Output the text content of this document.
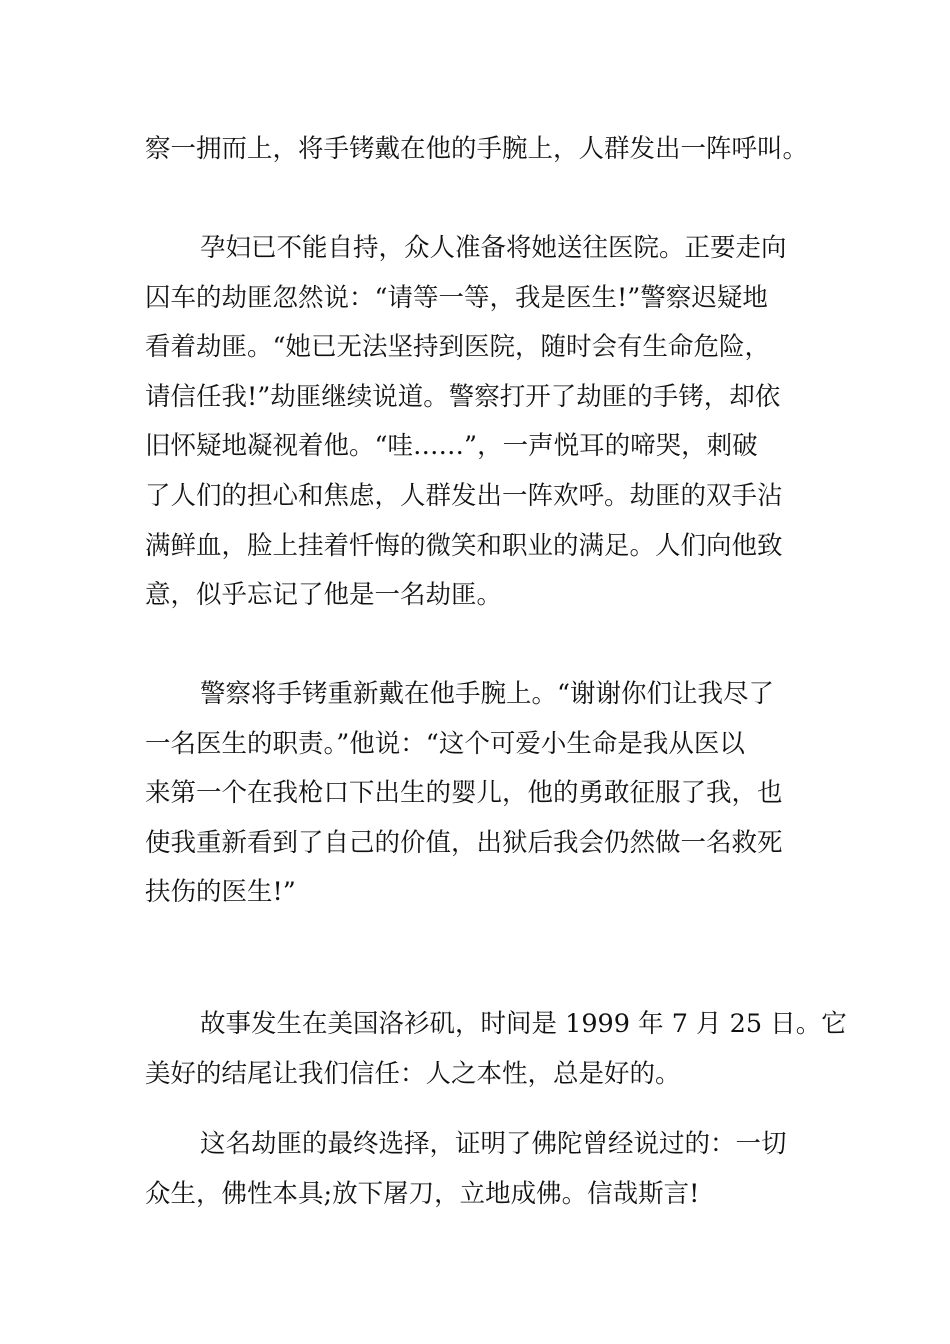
察一拥而上，将手铐戴在他的手腕上，人群发出一阵呼叫。
孕妇已不能自持，众人准备将她送往医院。正要走向
囚车的劫匪忽然说：“请等一等，我是医生!”警察迟疑地
看着劫匪。“她已无法坚持到医院，随时会有生命危险，
请信任我!”劫匪继续说道。警察打开了劫匪的手铐，却依
旧怀疑地凝视着他。“哇……”，一声悦耳的啼哭，刺破
了人们的担心和焦虑，人群发出一阵欢呼。劫匪的双手沾
满鲜血，脸上挂着忏悔的微笑和职业的满足。人们向他致
意，似乎忘记了他是一名劫匪。
警察将手铐重新戴在他手腕上。“谢谢你们让我尽了
一名医生的职责。”他说：“这个可爱小生命是我从医以
来第一个在我枪口下出生的婴儿，他的勇敢征服了我，也
使我重新看到了自己的价值，出狱后我会仍然做一名救死
扶伤的医生!”
故事发生在美国洛衫矶，时间是 1999 年 7 月 25 日。它
美好的结尾让我们信任：人之本性，总是好的。
这名劫匪的最终选择，证明了佛陀曾经说过的：一切
众生，佛性本具;放下屠刀，立地成佛。信哉斯言!
